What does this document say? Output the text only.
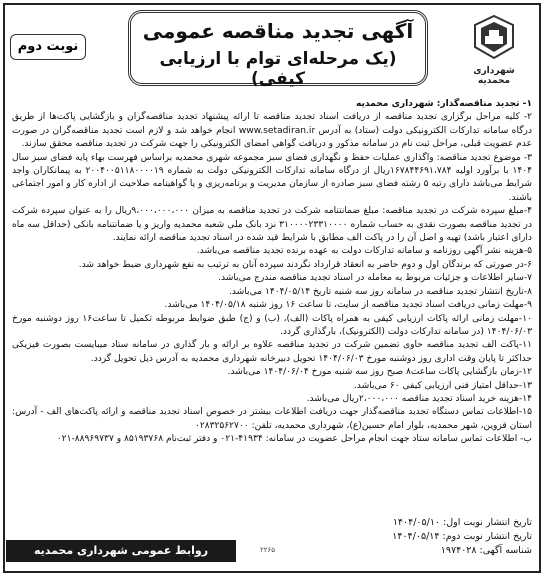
شهرداری محمدیه
آگهی تجدید مناقصه عمومی
(یک مرحله‌ای توام با ارزیابی کیفی)
نوبت دوم

۱- تجدید مناقصه‌گذار: شهرداری محمدیه

۲- کلیه مراحل برگزاری تجدید مناقصه از دریافت اسناد تجدید مناقصه تا ارائه پیشنهاد تجدید مناقصه‌گران و بازگشایی پاکت‌ها از طریق درگاه سامانه تدارکات الکترونیکی دولت (ستاد) به آدرس www.setadiran.ir انجام خواهد شد و لازم است تجدید مناقصه‌گران در صورت عدم عضویت قبلی، مراحل ثبت نام در سامانه مذکور و دریافت گواهی امضای الکترونیکی را جهت شرکت در تجدید مناقصه محقق سازند.

۳- موضوع تجدید مناقصه: واگذاری عملیات حفظ و نگهداری فضای سبز مجموعه شهری محمدیه براساس فهرست بهاء پایه فضای سبز سال ۱۴۰۴ با برآورد اولیه ۱۶۷۸۴۴۶۹۱،۷۸۴ریال از درگاه سامانه تدارکات الکترونیکی دولت به شماره ۲۰۰۴۰۰۵۱۱۸۰۰۰۰۱۹ به پیمانکاران واجد شرایط می‌باشد دارای رتبه ۵ رشته فضای سبز صادره از سازمان مدیریت و برنامه‌ریزی و یا گواهینامه صلاحیت از اداره کار و امور اجتماعی باشند.

۴-مبلغ سپرده شرکت در تجدید مناقصه: مبلغ ضمانتنامه شرکت در تجدید مناقصه به میزان ۹،۰۰۰،۰۰۰،۰۰۰ریال را به عنوان سپرده شرکت در تجدید مناقصه بصورت نقدی به حساب شماره ۳۱۰۰۰۰۲۳۳۱۰۰۰۰ نزد بانک ملی شعبه محمدیه واریز و یا ضمانتنامه بانکی (حداقل سه ماه دارای اعتبار باشد) تهیه و اصل آن را در پاکت الف مطابق با شرایط قید شده در اسناد تجدید مناقصه ارائه نمایند.

۵-هزینه نشر آگهی روزنامه و سامانه تدارکات دولت به عهده برنده تجدید مناقصه می‌باشد.

۶-در صورتی که برندگان اول و دوم حاضر به انعقاد قرارداد نگردند سپرده آنان به ترتیب به نفع شهرداری ضبط خواهد شد.

۷-سایر اطلاعات و جزئیات مربوط به معامله در اسناد تجدید مناقصه مندرج می‌باشد.

۸-تاریخ انتشار تجدید مناقصه در سامانه روز سه شنبه تاریخ ۱۴۰۴/۰۵/۱۴ می‌باشد.

۹-مهلت زمانی دریافت اسناد تجدید مناقصه از سایت، تا ساعت ۱۶ روز شنبه ۱۴۰۴/۰۵/۱۸ می‌باشد.

۱۰-مهلت زمانی ارائه پاکات ارزیابی کیفی به همراه پاکات (الف)، (ب) و (ج) طبق ضوابط مربوطه تکمیل تا ساعت۱۶ روز دوشنبه مورخ ۱۴۰۴/۰۶/۰۳ (در سامانه تدارکات دولت (الکترونیک)، بارگذاری گردد.

۱۱-پاکت الف تجدید مناقصه حاوی تضمین شرکت در تجدید مناقصه علاوه بر ارائه و بار گذاری در سامانه ستاد میبایست بصورت فیزیکی حداکثر تا پایان وقت اداری روز دوشنبه مورخ ۱۴۰۴/۰۶/۰۳ تحویل دبیرخانه شهرداری محمدیه به آدرس ذیل تحویل گردد.

۱۲-زمان بازگشایی پاکات ساعت۸ صبح روز سه شنبه مورخ ۱۴۰۴/۰۶/۰۴ می‌باشد.

۱۳-حداقل امتیاز فنی ارزیابی کیفی ۶۰ می‌باشد.

۱۴-هزینه خرید اسناد تجدید مناقصه ۲،۰۰۰،۰۰۰ریال می‌باشد.

۱۵-اطلاعات تماس دستگاه تجدید مناقصه‌گذار جهت دریافت اطلاعات بیشتر در خصوص اسناد تجدید مناقصه و ارائه پاکت‌های الف - آدرس: استان قزوین، شهر محمدیه، بلوار امام حسین(ع)، شهرداری محمدیه، تلفن: ۰۲۸۳۲۵۶۲۷۰۰

ب- اطلاعات تماس سامانه ستاد جهت انجام مراحل عضویت در سامانه: ۴۱۹۳۴-۰۲۱ و دفتر ثبت‌نام ۸۵۱۹۳۷۶۸ و ۸۸۹۶۹۷۳۷-۰۲۱

تاریخ انتشار نوبت اول: ۱۴۰۴/۰۵/۱۰
تاریخ انتشار نوبت دوم: ۱۴۰۴/۰۵/۱۴
شناسه آگهی: ۱۹۷۴۰۲۸
روابط عمومی شهرداری محمدیه	۲۲۶۵
